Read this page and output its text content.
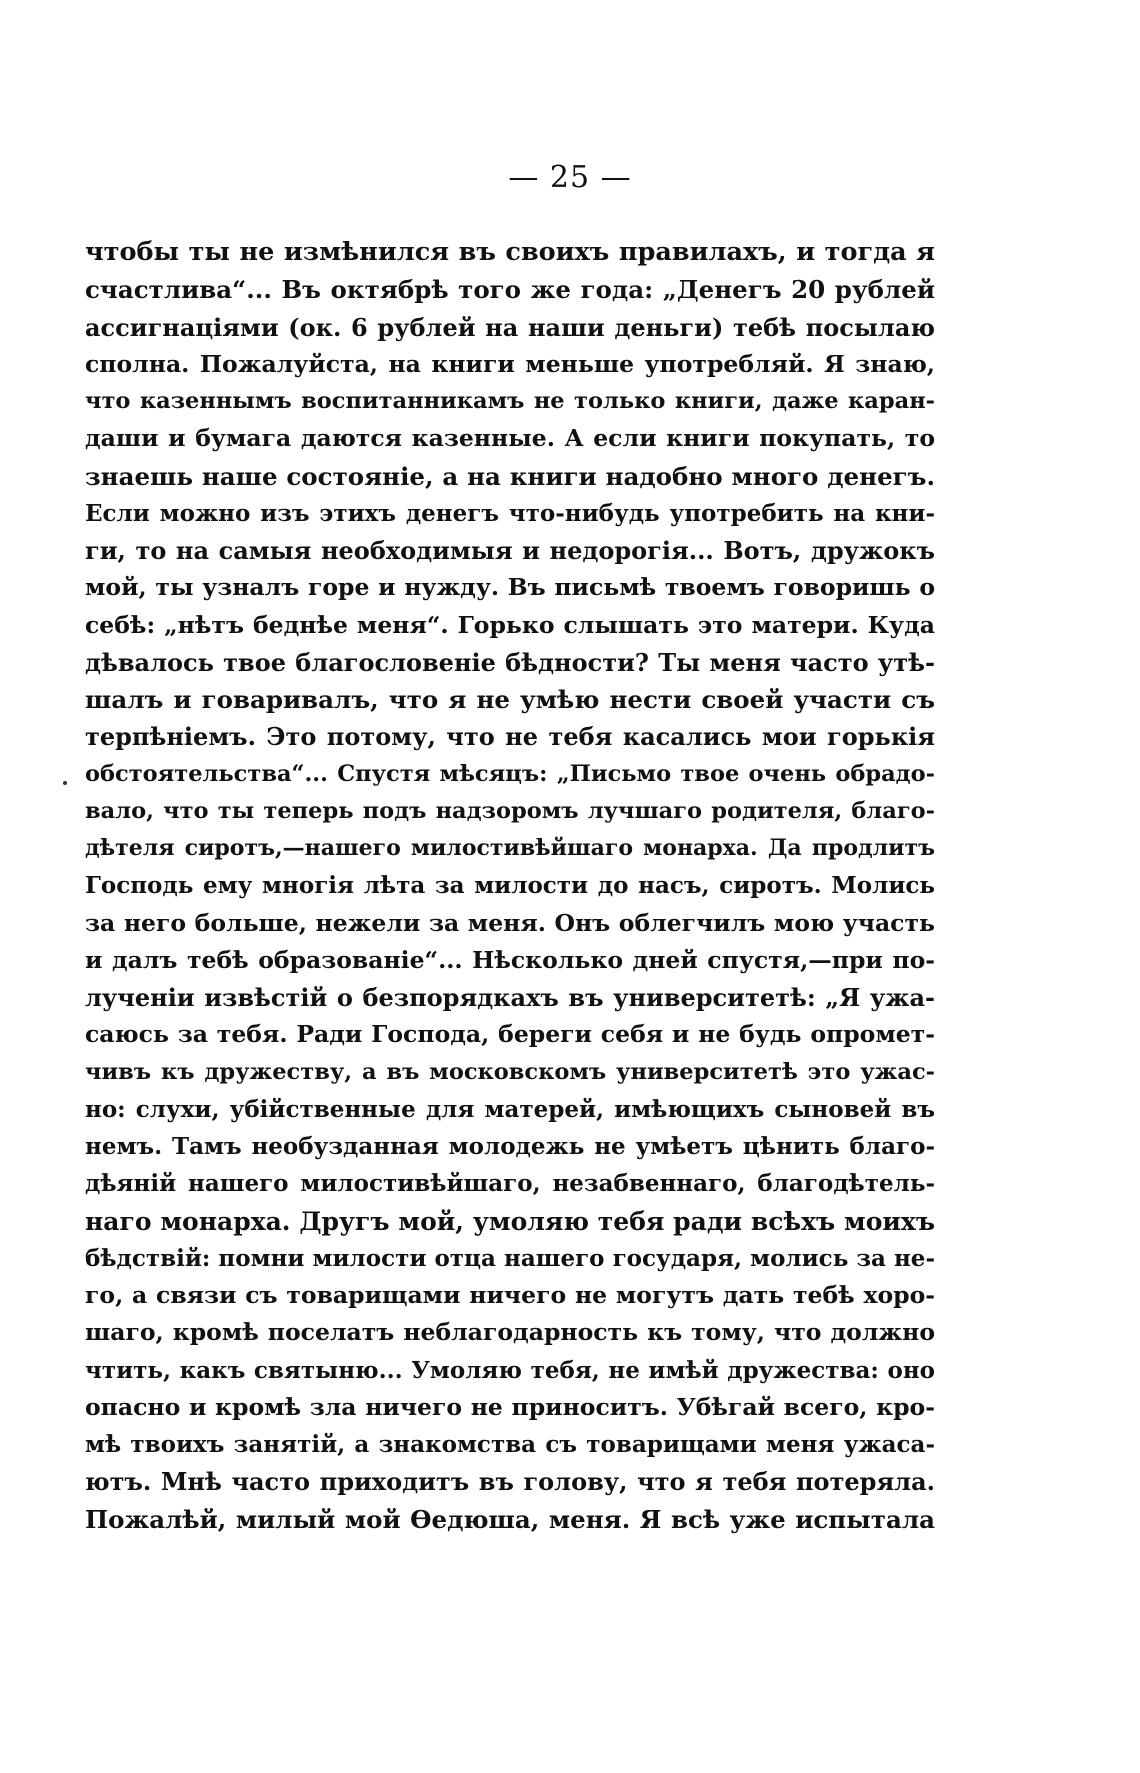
— 25 —
чтобы ты не измѣнился въ своихъ правилахъ, и тогда я
счастлива“... Въ октябрѣ того же года: „Денегъ 20 рублей
ассигнаціями (ок. 6 рублей на наши деньги) тебѣ посылаю
сполна. Пожалуйста, на книги меньше употребляй. Я знаю,
что казеннымъ воспитанникамъ не только книги, даже каран-
даши и бумага даются казенные. А если книги покупать, то
знаешь наше состояніе, а на книги надобно много денегъ.
Если можно изъ этихъ денегъ что-нибудь употребить на кни-
ги, то на самыя необходимыя и недорогія... Вотъ, дружокъ
мой, ты узналъ горе и нужду. Въ письмѣ твоемъ говоришь о
себѣ: „нѣтъ беднѣе меня“. Горько слышать это матери. Куда
дѣвалось твое благословеніе бѣдности? Ты меня часто утѣ-
шалъ и говаривалъ, что я не умѣю нести своей участи съ
терпѣніемъ. Это потому, что не тебя касались мои горькія
обстоятельства“... Спустя мѣсяцъ: „Письмо твое очень обрадо-
вало, что ты теперь подъ надзоромъ лучшаго родителя, благо-
дѣтеля сиротъ,—нашего милостивѣйшаго монарха. Да продлитъ
Господь ему многія лѣта за милости до насъ, сиротъ. Молись
за него больше, нежели за меня. Онъ облегчилъ мою участь
и далъ тебѣ образованіе“... Нѣсколько дней спустя,—при по-
лученіи извѣстій о безпорядкахъ въ университетѣ: „Я ужа-
саюсь за тебя. Ради Господа, береги себя и не будь опромет-
чивъ къ дружеству, а въ московскомъ университетѣ это ужас-
но: слухи, убійственные для матерей, имѣющихъ сыновей въ
немъ. Тамъ необузданная молодежь не умѣетъ цѣнить благо-
дѣяній нашего милостивѣйшаго, незабвеннаго, благодѣтель-
наго монарха. Другъ мой, умоляю тебя ради всѣхъ моихъ
бѣдствій: помни милости отца нашего государя, молись за не-
го, а связи съ товарищами ничего не могутъ дать тебѣ хоро-
шаго, кромѣ поселатъ неблагодарность къ тому, что должно
чтить, какъ святыню... Умоляю тебя, не имѣй дружества: оно
опасно и кромѣ зла ничего не приноситъ. Убѣгай всего, кро-
мѣ твоихъ занятій, а знакомства съ товарищами меня ужаса-
ютъ. Мнѣ часто приходитъ въ голову, что я тебя потеряла.
Пожалѣй, милый мой Ѳедюша, меня. Я всѣ уже испытала
